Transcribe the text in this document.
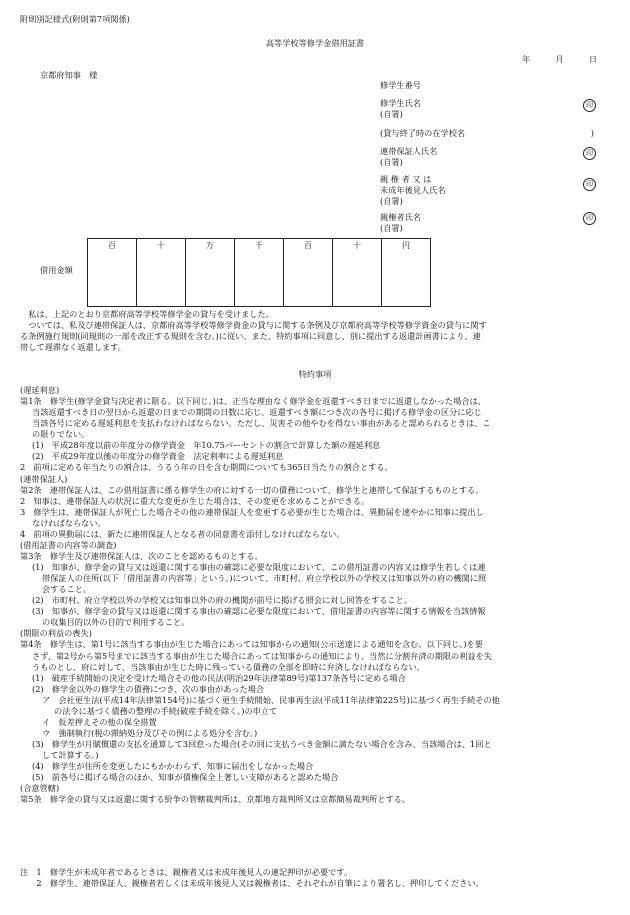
附則別記様式(附則第7項関係)
高等学校等修学金借用証書
年	月	日
京都府知事　様
修学生番号
修学生氏名
(自署)
印
(貸与終了時の在学校名	)
連帯保証人氏名
(自署)
印
親 権 者 又 は
未成年後見人氏名
(自署)
印
親権者氏名
(自署)
印
借用金額
百	十	万	千	百	十	円
　私は、上記のとおり京都府高等学校等修学金の貸与を受けました。
　ついては、私及び連帯保証人は、京都府高等学校等修学資金の貸与に関する条例及び京都府高等学校等修学資金の貸与に関す
る条例施行規則(同規則の一部を改正する規則を含む。)に従い、また、特約事項に同意し、別に提出する返還計画書により、連
帯して遅滞なく返還します。
特約事項
(遅延利息)
第1条　修学生(修学金貸与決定者に限る。以下同じ。)は、正当な理由なく修学金を返還すべき日までに返還しなかった場合は、
当該返還すべき日の翌日から返還の日までの期間の日数に応じ、返還すべき額につき次の各号に掲げる修学金の区分に応じ
当該各号に定める遅延利息を支払わなければならない。ただし、災害その他やむを得ない事由があると認められるときは、こ
の限りでない。
(1)　平成28年度以前の年度分の修学資金　年10.75パーセントの割合で計算した額の遅延利息
(2)　平成29年度以後の年度分の修学資金　法定利率による遅延利息
2　前項に定める年当たりの割合は、うるう年の日を含む期間についても365日当たりの割合とする。
(連帯保証人)
第2条　連帯保証人は、この借用証書に係る修学生の府に対する一切の債務について、修学生と連帯して保証するものとする。
2　知事は、連帯保証人の状況に重大な変更が生じた場合は、その変更を求めることができる。
3　修学生は、連帯保証人が死亡した場合その他の連帯保証人を変更する必要が生じた場合は、異動届を速やかに知事に提出し
なければならない。
4　前項の異動届には、新たに連帯保証人となる者の同意書を添付しなければならない。
(借用証書の内容等の調査)
第3条　修学生及び連帯保証人は、次のことを認めるものとする。
(1)　知事が、修学金の貸与又は返還に関する事由の確認に必要な限度において、この借用証書の内容又は修学生若しくは連
帯保証人の住所(以下「借用証書の内容等」という。)について、市町村、府立学校以外の学校又は知事以外の府の機関に照
会すること。
(2)　市町村、府立学校以外の学校又は知事以外の府の機関が前号に掲げる照会に対し回答をすること。
(3)　知事が、修学金の貸与又は返還に関する事由の確認に必要な限度において、借用証書の内容等に関する情報を当該情報
の収集目的以外の目的で利用すること。
(期限の利益の喪失)
第4条　修学生は、第1号に該当する事由が生じた場合にあっては知事からの通知(公示送達による通知を含む。以下同じ。)を要
さず、第2号から第5号までに該当する事由が生じた場合にあっては知事からの通知により、当然に分割弁済の期限の利益を失
うものとし、府に対して、当該事由が生じた時に残っている債務の全部を即時に弁済しなければならない。
(1)　破産手続開始の決定を受けた場合その他の民法(明治29年法律第89号)第137条各号に定める場合
(2)　修学金以外の修学生の債務につき、次の事由があった場合
ア　会社更生法(平成14年法律第154号)に基づく更生手続開始、民事再生法(平成11年法律第225号)に基づく再生手続その他
の法令に基づく債務の整理の手続(破産手続を除く。)の申立て
イ　仮差押えその他の保全措置
ウ　強制執行(税の滞納処分及びその例による処分を含む。)
(3)　修学生が月賦償還の支払を通算して3回怠った場合(その回に支払うべき金額に満たない場合を含み、当該場合は、1回と
して計算する。)
(4)　修学生が住所を変更したにもかかわらず、知事に届出をしなかった場合
(5)　前各号に掲げる場合のほか、知事が債権保全上著しい支障があると認めた場合
(合意管轄)
第5条　修学金の貸与又は返還に関する紛争の管轄裁判所は、京都地方裁判所又は京都簡易裁判所とする。
注　1　修学生が未成年者であるときは、親権者又は未成年後見人の連記押印が必要です。
　　2　修学生、連帯保証人、親権者若しくは未成年後見人又は親権者は、それぞれが自筆により署名し、押印してください。
